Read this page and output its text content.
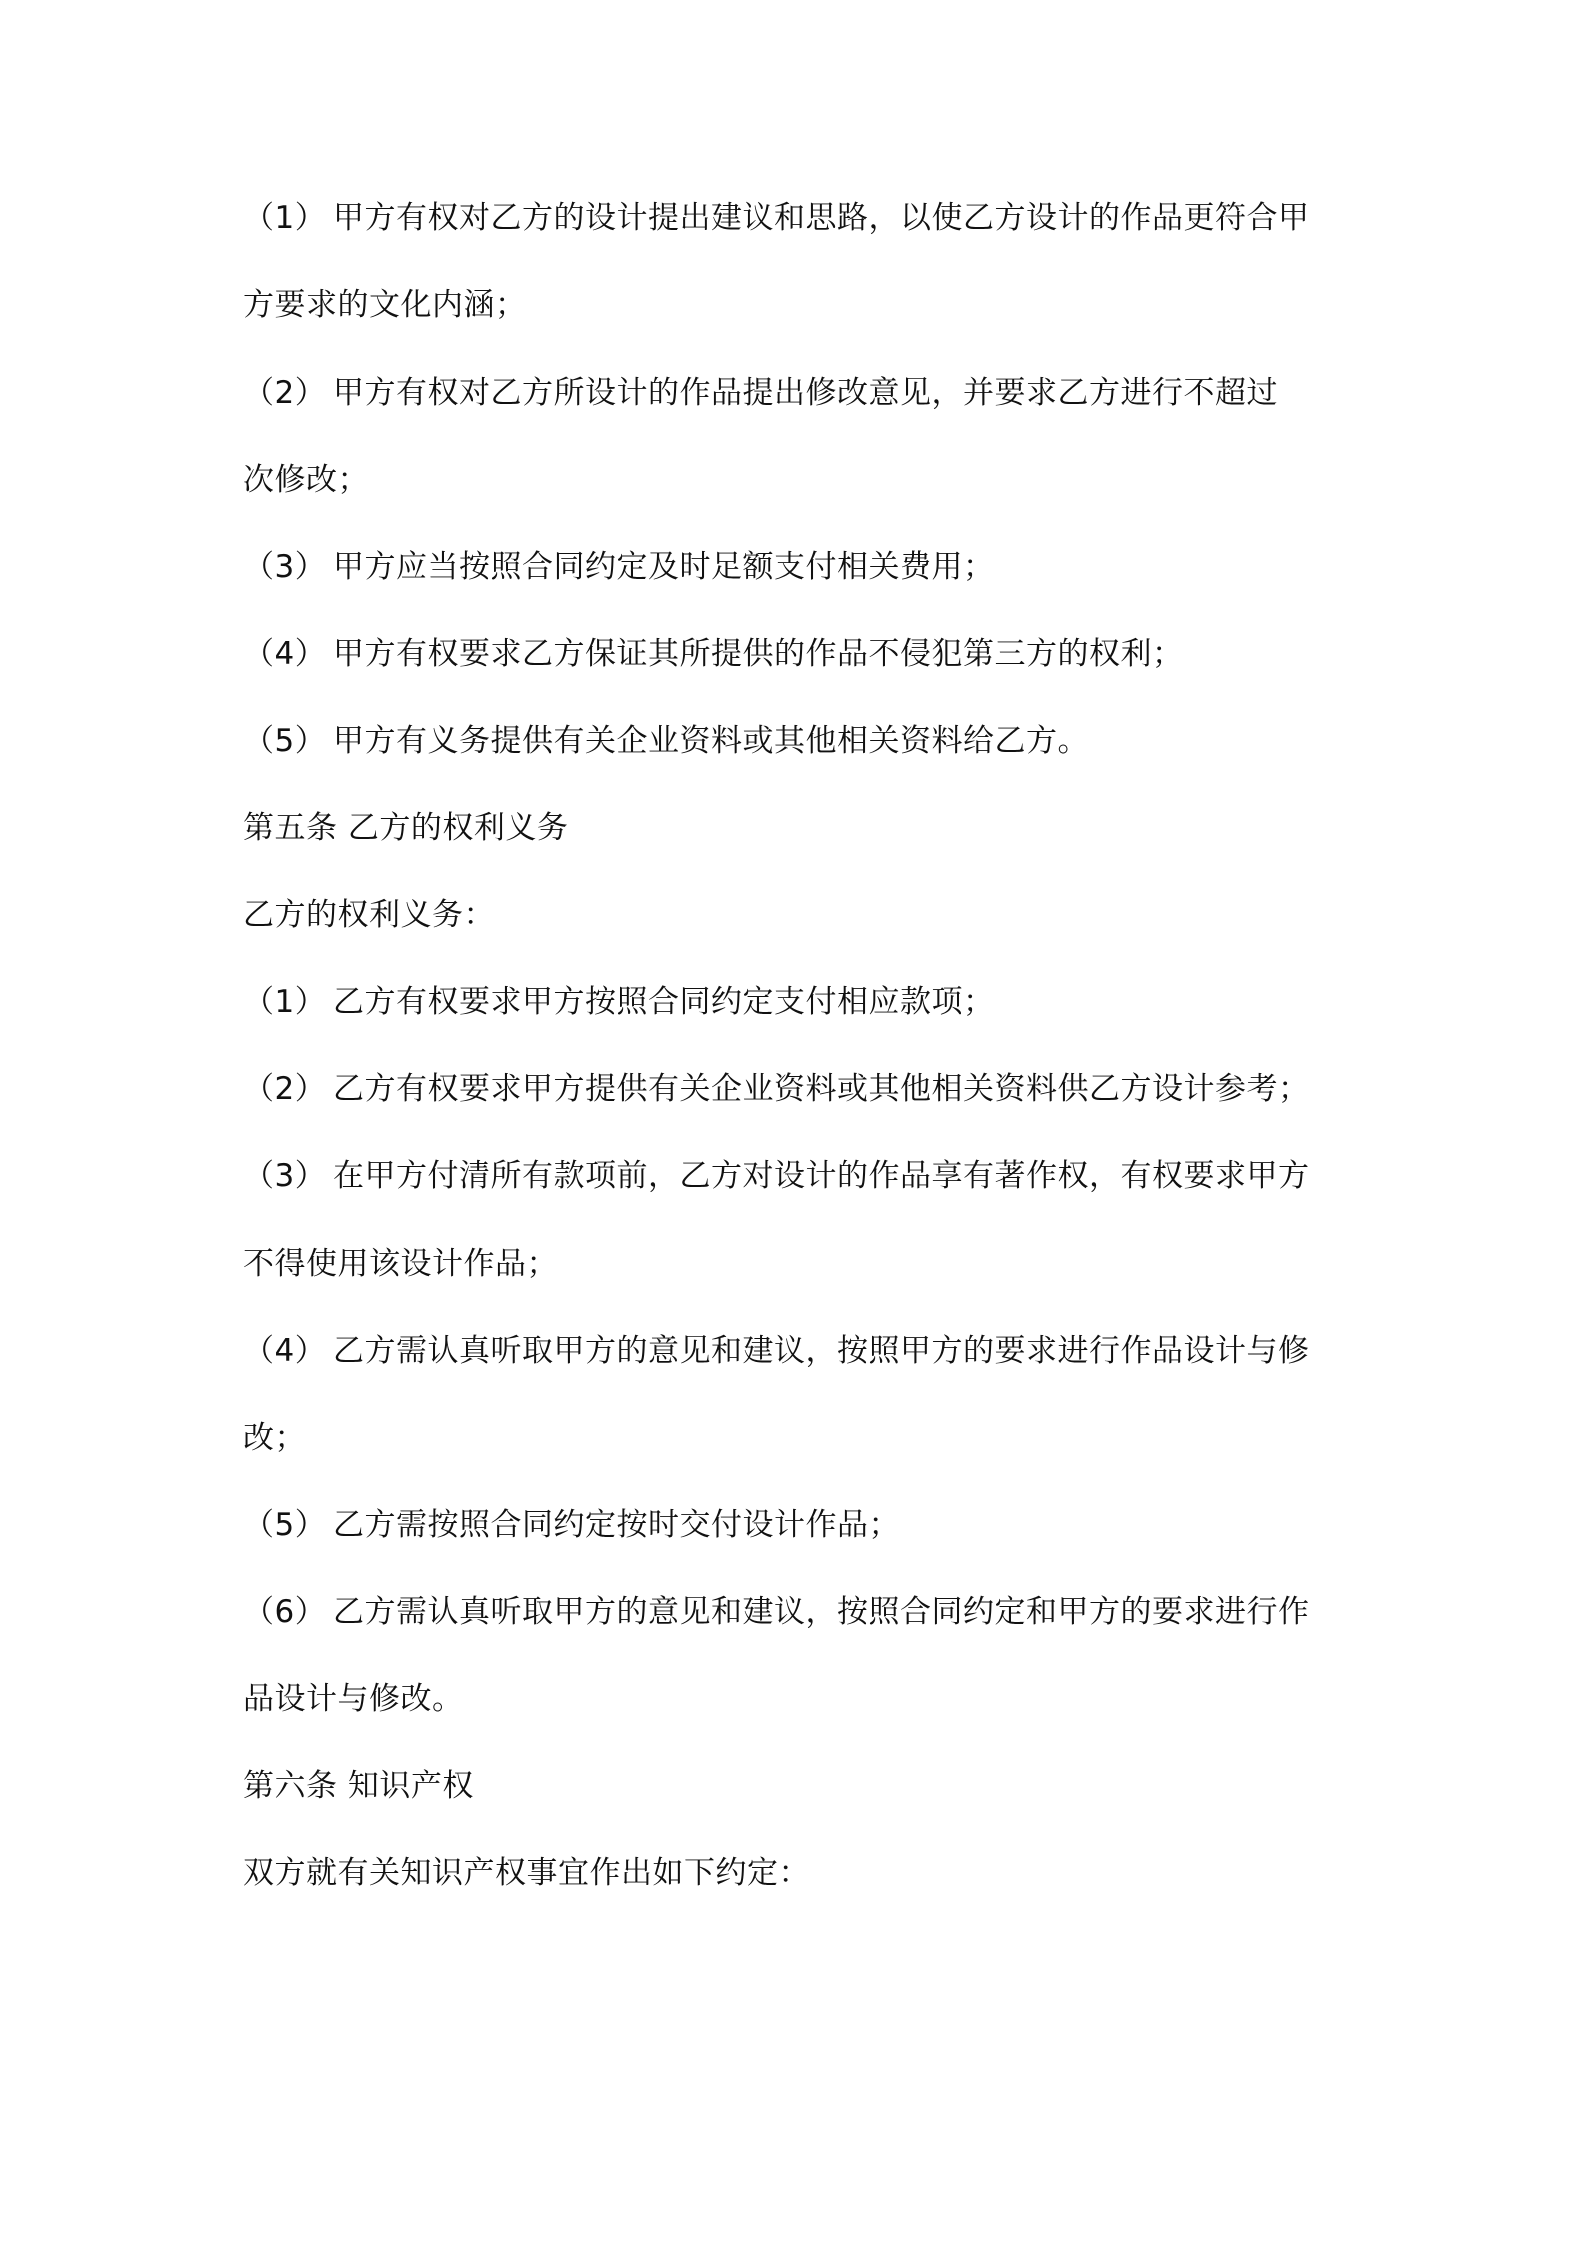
（1） 甲方有权对乙方的设计提出建议和思路，以使乙方设计的作品更符合甲
方要求的文化内涵；
（2） 甲方有权对乙方所设计的作品提出修改意见，并要求乙方进行不超过
次修改；
（3） 甲方应当按照合同约定及时足额支付相关费用；
（4） 甲方有权要求乙方保证其所提供的作品不侵犯第三方的权利；
（5） 甲方有义务提供有关企业资料或其他相关资料给乙方。
第五条 乙方的权利义务
乙方的权利义务：
（1） 乙方有权要求甲方按照合同约定支付相应款项；
（2） 乙方有权要求甲方提供有关企业资料或其他相关资料供乙方设计参考；
（3） 在甲方付清所有款项前，乙方对设计的作品享有著作权，有权要求甲方
不得使用该设计作品；
（4） 乙方需认真听取甲方的意见和建议，按照甲方的要求进行作品设计与修
改；
（5） 乙方需按照合同约定按时交付设计作品；
（6） 乙方需认真听取甲方的意见和建议，按照合同约定和甲方的要求进行作
品设计与修改。
第六条 知识产权
双方就有关知识产权事宜作出如下约定：
